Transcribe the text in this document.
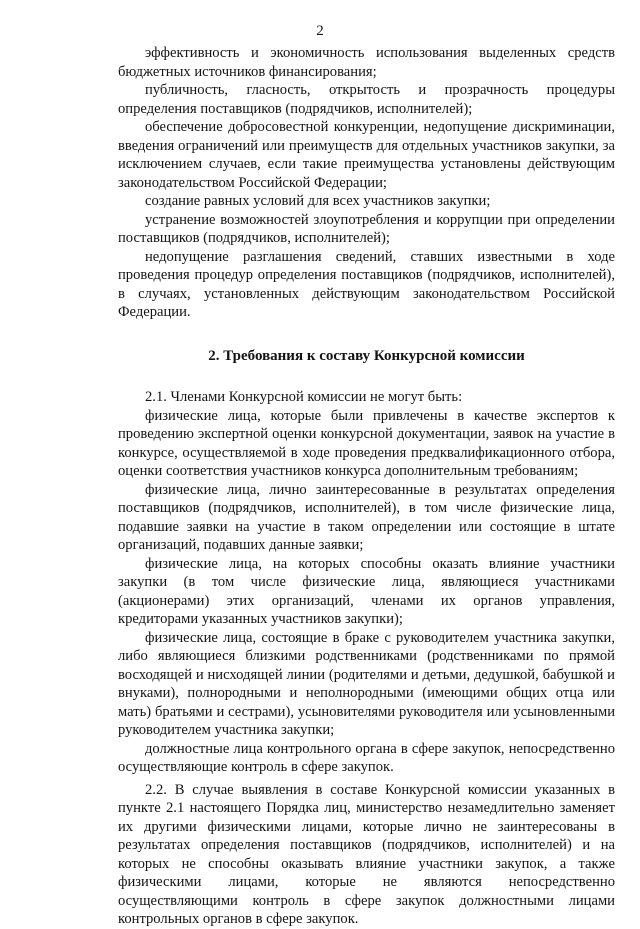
2

эффективность и экономичность использования выделенных средств бюджетных источников финансирования;

публичность, гласность, открытость и прозрачность процедуры определения поставщиков (подрядчиков, исполнителей);

обеспечение добросовестной конкуренции, недопущение дискриминации, введения ограничений или преимуществ для отдельных участников закупки, за исключением случаев, если такие преимущества установлены действующим законодательством Российской Федерации;

создание равных условий для всех участников закупки;

устранение возможностей злоупотребления и коррупции при определении поставщиков (подрядчиков, исполнителей);

недопущение разглашения сведений, ставших известными в ходе проведения процедур определения поставщиков (подрядчиков, исполнителей), в случаях, установленных действующим законодательством Российской Федерации.

2. Требования к составу Конкурсной комиссии

2.1. Членами Конкурсной комиссии не могут быть:

физические лица, которые были привлечены в качестве экспертов к проведению экспертной оценки конкурсной документации, заявок на участие в конкурсе, осуществляемой в ходе проведения предквалификационного отбора, оценки соответствия участников конкурса дополнительным требованиям;

физические лица, лично заинтересованные в результатах определения поставщиков (подрядчиков, исполнителей), в том числе физические лица, подавшие заявки на участие в таком определении или состоящие в штате организаций, подавших данные заявки;

физические лица, на которых способны оказать влияние участники закупки (в том числе физические лица, являющиеся участниками (акционерами) этих организаций, членами их органов управления, кредиторами указанных участников закупки);

физические лица, состоящие в браке с руководителем участника закупки, либо являющиеся близкими родственниками (родственниками по прямой восходящей и нисходящей линии (родителями и детьми, дедушкой, бабушкой и внуками), полнородными и неполнородными (имеющими общих отца или мать) братьями и сестрами), усыновителями руководителя или усыновленными руководителем участника закупки;

должностные лица контрольного органа в сфере закупок, непосредственно осуществляющие контроль в сфере закупок.

2.2. В случае выявления в составе Конкурсной комиссии указанных в пункте 2.1 настоящего Порядка лиц, министерство незамедлительно заменяет их другими физическими лицами, которые лично не заинтересованы в результатах определения поставщиков (подрядчиков, исполнителей) и на которых не способны оказывать влияние участники закупок, а также физическими лицами, которые не являются непосредственно осуществляющими контроль в сфере закупок должностными лицами контрольных органов в сфере закупок.
